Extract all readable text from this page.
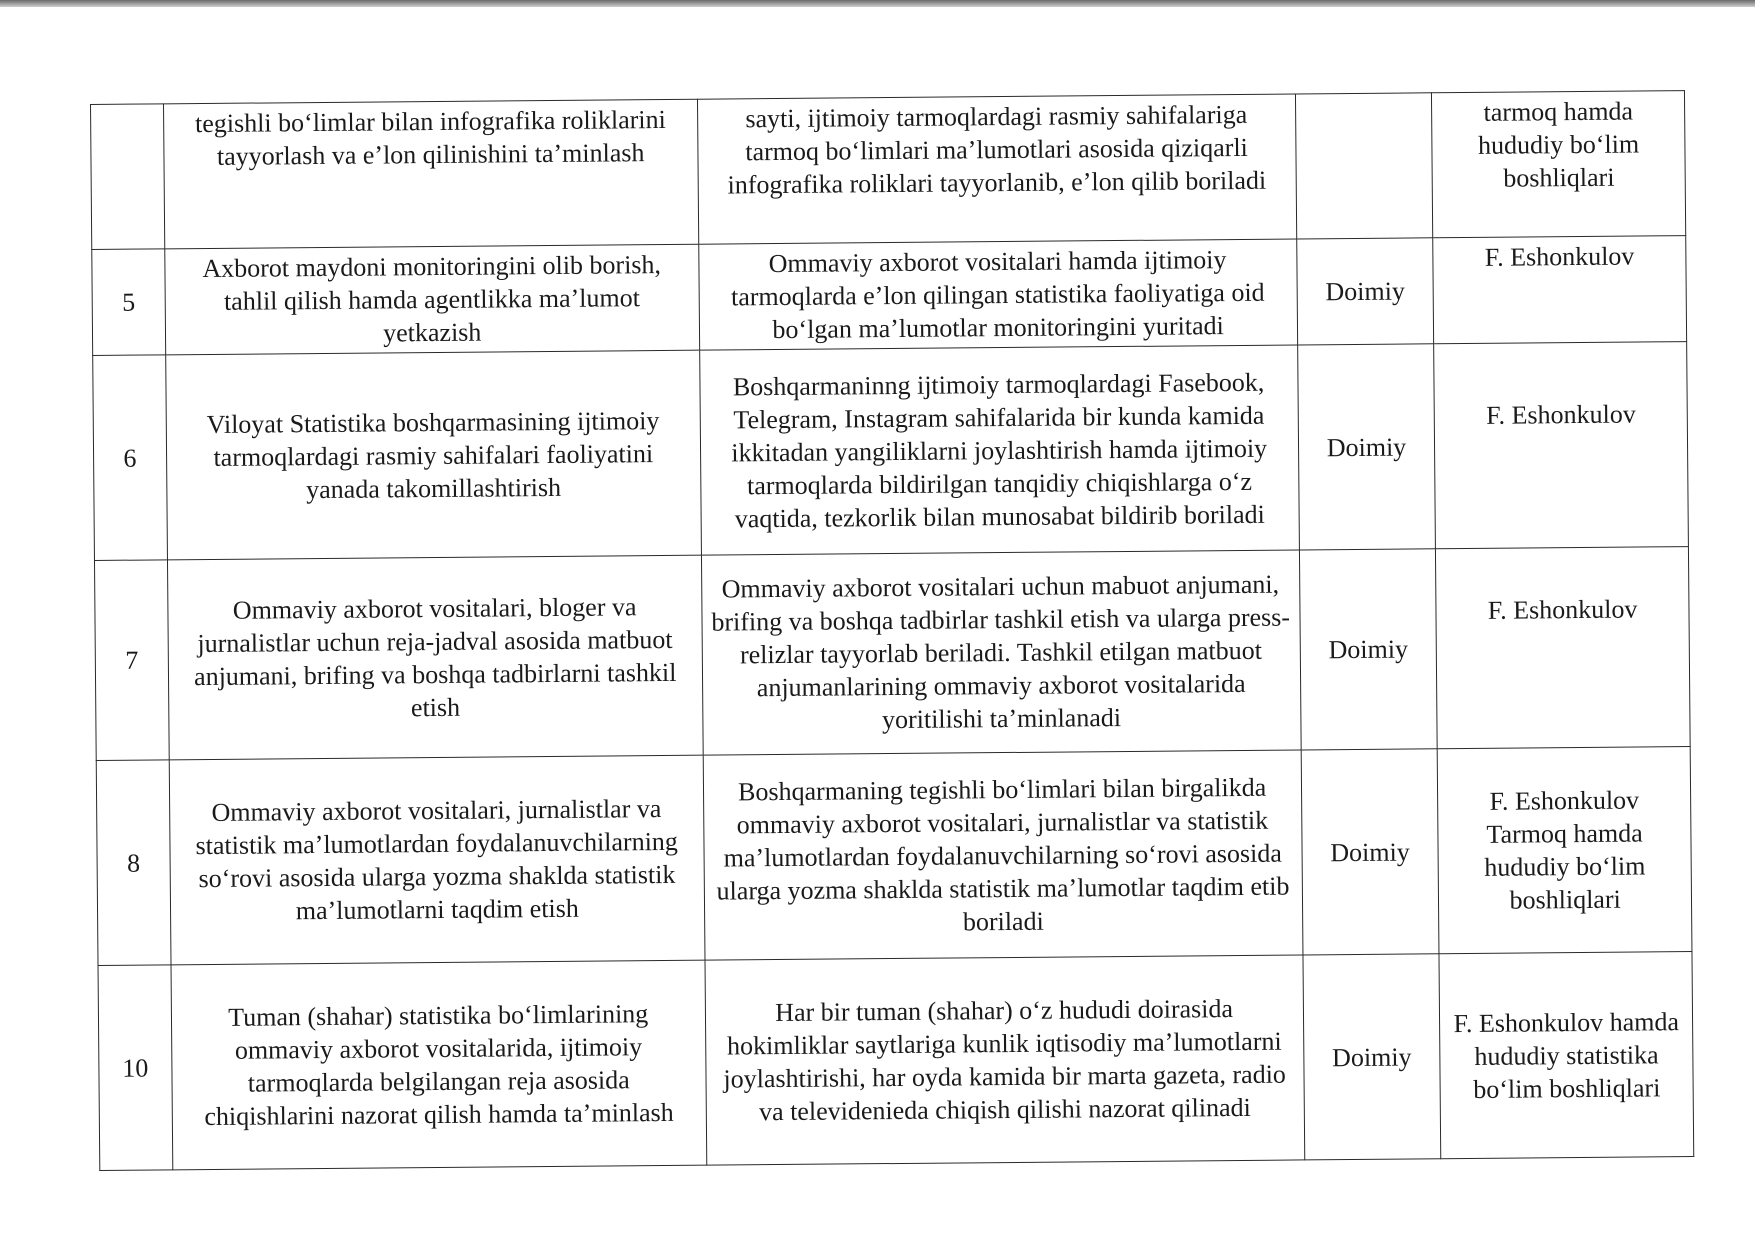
	tegishli bo‘limlar bilan infografika roliklarini tayyorlash va e’lon qilinishini ta’minlash	sayti, ijtimoiy tarmoqlardagi rasmiy sahifalariga tarmoq bo‘limlari ma’lumotlari asosida qiziqarli infografika roliklari tayyorlanib, e’lon qilib boriladi		tarmoq hamda hududiy bo‘lim boshliqlari
5	Axborot maydoni monitoringini olib borish, tahlil qilish hamda agentlikka ma’lumot yetkazish	Ommaviy axborot vositalari hamda ijtimoiy tarmoqlarda e’lon qilingan statistika faoliyatiga oid bo‘lgan ma’lumotlar monitoringini yuritadi	Doimiy	F. Eshonkulov
6	Viloyat Statistika boshqarmasining ijtimoiy tarmoqlardagi rasmiy sahifalari faoliyatini yanada takomillashtirish	Boshqarmaninng ijtimoiy tarmoqlardagi Fasebook, Telegram, Instagram sahifalarida bir kunda kamida ikkitadan yangiliklarni joylashtirish hamda ijtimoiy tarmoqlarda bildirilgan tanqidiy chiqishlarga o‘z vaqtida, tezkorlik bilan munosabat bildirib boriladi	Doimiy	F. Eshonkulov
7	Ommaviy axborot vositalari, bloger va jurnalistlar uchun reja-jadval asosida matbuot anjumani, brifing va boshqa tadbirlarni tashkil etish	Ommaviy axborot vositalari uchun mabuot anjumani, brifing va boshqa tadbirlar tashkil etish va ularga press-relizlar tayyorlab beriladi. Tashkil etilgan matbuot anjumanlarining ommaviy axborot vositalarida yoritilishi ta’minlanadi	Doimiy	F. Eshonkulov
8	Ommaviy axborot vositalari, jurnalistlar va statistik ma’lumotlardan foydalanuvchilarning so‘rovi asosida ularga yozma shaklda statistik ma’lumotlarni taqdim etish	Boshqarmaning tegishli bo‘limlari bilan birgalikda ommaviy axborot vositalari, jurnalistlar va statistik ma’lumotlardan foydalanuvchilarning so‘rovi asosida ularga yozma shaklda statistik ma’lumotlar taqdim etib boriladi	Doimiy	F. Eshonkulov Tarmoq hamda hududiy bo‘lim boshliqlari
10	Tuman (shahar) statistika bo‘limlarining ommaviy axborot vositalarida, ijtimoiy tarmoqlarda belgilangan reja asosida chiqishlarini nazorat qilish hamda ta’minlash	Har bir tuman (shahar) o‘z hududi doirasida hokimliklar saytlariga kunlik iqtisodiy ma’lumotlarni joylashtirishi, har oyda kamida bir marta gazeta, radio va televidenieda chiqish qilishi nazorat qilinadi	Doimiy	F. Eshonkulov hamda hududiy statistika bo‘lim boshliqlari
